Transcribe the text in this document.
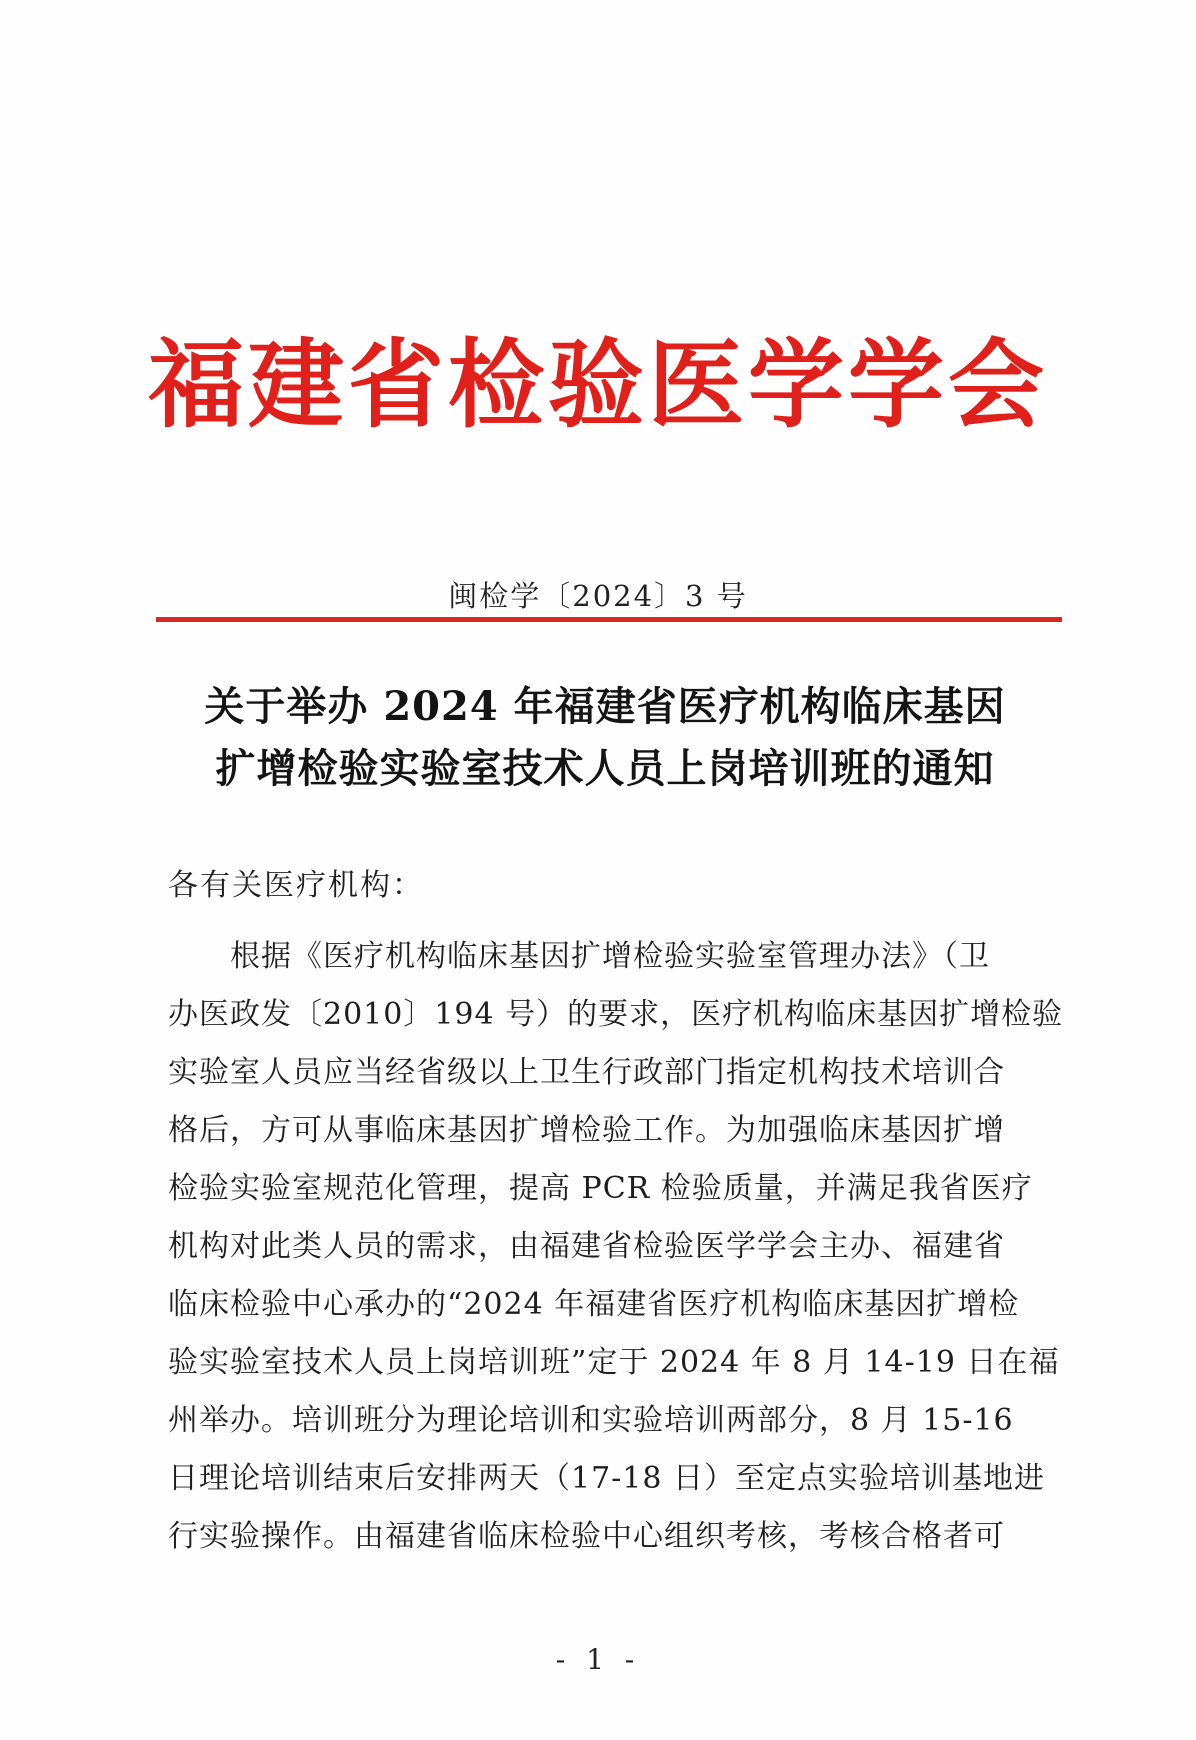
福建省检验医学学会
闽检学〔2024〕3 号
关于举办 2024 年福建省医疗机构临床基因
扩增检验实验室技术人员上岗培训班的通知
各有关医疗机构：
根据《医疗机构临床基因扩增检验实验室管理办法》（卫
办医政发〔2010〕194 号）的要求，医疗机构临床基因扩增检验
实验室人员应当经省级以上卫生行政部门指定机构技术培训合
格后，方可从事临床基因扩增检验工作。为加强临床基因扩增
检验实验室规范化管理，提高 PCR 检验质量，并满足我省医疗
机构对此类人员的需求，由福建省检验医学学会主办、福建省
临床检验中心承办的“2024 年福建省医疗机构临床基因扩增检
验实验室技术人员上岗培训班”定于 2024 年 8 月 14-19 日在福
州举办。培训班分为理论培训和实验培训两部分，8 月 15-16
日理论培训结束后安排两天（17-18 日）至定点实验培训基地进
行实验操作。由福建省临床检验中心组织考核，考核合格者可
- 1 -
